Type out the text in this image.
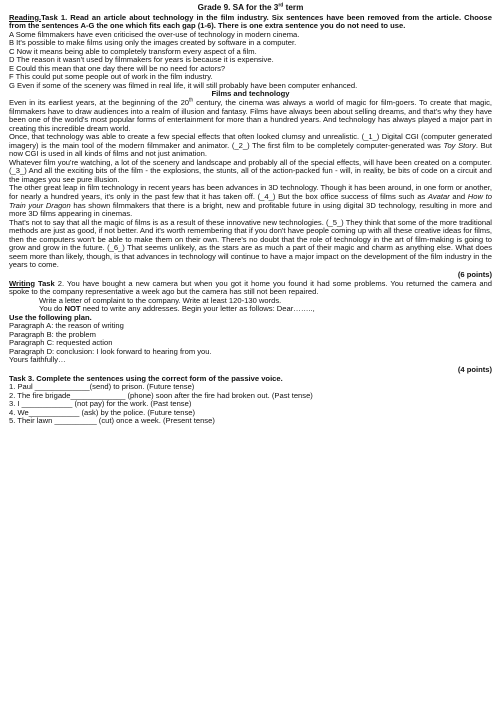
Grade 9. SA for the 3rd term

Reading.Task 1. Read an article about technology in the film industry. Six sentences have been removed from the article. Choose from the sentences A-G the one which fits each gap (1-6). There is one extra sentence you do not need to use.

A Some filmmakers have even criticised the over-use of technology in modern cinema.

B It's possible to make films using only the images created by software in a computer.

C Now it means being able to completely transform every aspect of a film.

D The reason it wasn't used by filmmakers for years is because it is expensive.

E Could this mean that one day there will be no need for actors?

F This could put some people out of work in the film industry.

G Even if some of the scenery was filmed in real life, it will still probably have been computer enhanced.

Films and technology

Even in its earliest years, at the beginning of the 20th century, the cinema was always a world of magic for film-goers. To create that magic, filmmakers have to draw audiences into a realm of illusion and fantasy. Films have always been about selling dreams, and that's why they have been one of the world's most popular forms of entertainment for more than a hundred years. And technology has always played a major part in creating this incredible dream world.

Once, that technology was able to create a few special effects that often looked clumsy and unrealistic. (_1_) Digital CGI (computer generated imagery) is the main tool of the modern filmmaker and animator. (_2_) The first film to be completely computer-generated was Toy Story. But now CGI is used in all kinds of films and not just animation.

Whatever film you're watching, a lot of the scenery and landscape and probably all of the special effects, will have been created on a computer. (_3_) And all the exciting bits of the film - the explosions, the stunts, all of the action-packed fun - will, in reality, be bits of code on a circuit and the images you see pure illusion.

The other great leap in film technology in recent years has been advances in 3D technology. Though it has been around, in one form or another, for nearly a hundred years, it's only in the past few that it has taken off. (_4_) But the box office success of films such as Avatar and How to Train your Dragon has shown filmmakers that there is a bright, new and profitable future in using digital 3D technology, resulting in more and more 3D films appearing in cinemas.

That's not to say that all the magic of films is as a result of these innovative new technologies. (_5_) They think that some of the more traditional methods are just as good, if not better. And it's worth remembering that if you don't have people coming up with all these creative ideas for films, then the computers won't be able to make them on their own. There's no doubt that the role of technology in the art of film-making is going to grow and grow in the future. (_6_) That seems unlikely, as the stars are as much a part of their magic and charm as anything else. What does seem more than likely, though, is that advances in technology will continue to have a major impact on the development of the film industry in the years to come.

(6 points)

Writing Task 2. You have bought a new camera but when you got it home you found it had some problems. You returned the camera and spoke to the company representative a week ago but the camera has still not been repaired.

Write a letter of complaint to the company. Write at least 120-130 words.

You do NOT need to write any addresses. Begin your letter as follows: Dear……..,

Use the following plan.

Paragraph A: the reason of writing

Paragraph B: the problem

Paragraph C: requested action

Paragraph D: conclusion: I look forward to hearing from you.

Yours faithfully…

(4 points)

Task 3. Complete the sentences using the correct form of the passive voice.

1. Paul _____________(send) to prison. (Future tense)

2. The fire brigade_____________ (phone) soon after the fire had broken out. (Past tense)

3. I ____________ (not pay) for the work. (Past tense)

4. We____________ (ask) by the police. (Future tense)

5. Their lawn __________ (cut) once a week. (Present tense)
